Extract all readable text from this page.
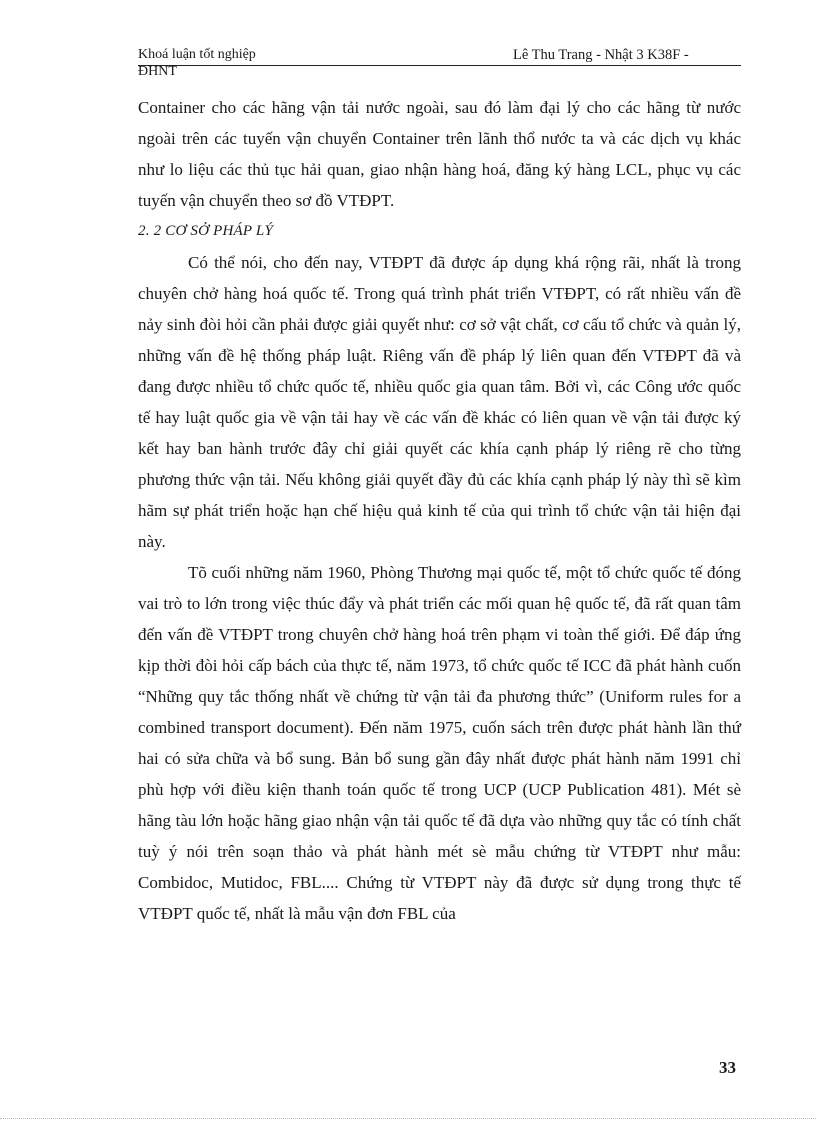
Khoá luận tốt nghiệp	Lê Thu Trang - Nhật 3 K38F -
ĐHNT

Container cho các hãng vận tải nước ngoài, sau đó làm đại lý cho các hãng từ nước ngoài trên các tuyến vận chuyển Container trên lãnh thổ nước ta và các dịch vụ khác như lo liệu các thủ tục hải quan, giao nhận hàng hoá, đăng ký hàng LCL, phục vụ các tuyến vận chuyển theo sơ đồ VTĐPT.

2. 2 CƠ SỞ PHÁP LÝ

Có thể nói, cho đến nay, VTĐPT đã được áp dụng khá rộng rãi, nhất là trong chuyên chở hàng hoá quốc tế. Trong quá trình phát triển VTĐPT, có rất nhiều vấn đề nảy sinh đòi hỏi cần phải được giải quyết như: cơ sở vật chất, cơ cấu tổ chức và quản lý, những vấn đề hệ thống pháp luật. Riêng vấn đề pháp lý liên quan đến VTĐPT đã và đang được nhiều tổ chức quốc tế, nhiều quốc gia quan tâm. Bởi vì, các Công ước quốc tế hay luật quốc gia về vận tải hay về các vấn đề khác có liên quan về vận tải được ký kết hay ban hành trước đây chỉ giải quyết các khía cạnh pháp lý riêng rẽ cho từng phương thức vận tải. Nếu không giải quyết đầy đủ các khía cạnh pháp lý này thì sẽ kìm hãm sự phát triển hoặc hạn chế hiệu quả kinh tế của qui trình tổ chức vận tải hiện đại này.

Tõ cuối những năm 1960, Phòng Thương mại quốc tế, một tổ chức quốc tế đóng vai trò to lớn trong việc thúc đẩy và phát triển các mối quan hệ quốc tế, đã rất quan tâm đến vấn đề VTĐPT trong chuyên chở hàng hoá trên phạm vi toàn thế giới. Để đáp ứng kịp thời đòi hỏi cấp bách của thực tế, năm 1973, tổ chức quốc tế ICC đã phát hành cuốn “Những quy tắc thống nhất về chứng từ vận tải đa phương thức” (Uniform rules for a combined transport document). Đến năm 1975, cuốn sách trên được phát hành lần thứ hai có sửa chữa và bổ sung. Bản bổ sung gần đây nhất được phát hành năm 1991 chỉ phù hợp với điều kiện thanh toán quốc tế trong UCP (UCP Publication 481). Mét sè hãng tàu lớn hoặc hãng giao nhận vận tải quốc tế đã dựa vào những quy tắc có tính chất tuỳ ý nói trên soạn thảo và phát hành mét sè mẫu chứng từ VTĐPT như mẫu: Combidoc, Mutidoc, FBL.... Chứng từ VTĐPT này đã được sử dụng trong thực tế VTĐPT quốc tế, nhất là mẫu vận đơn FBL của

33
